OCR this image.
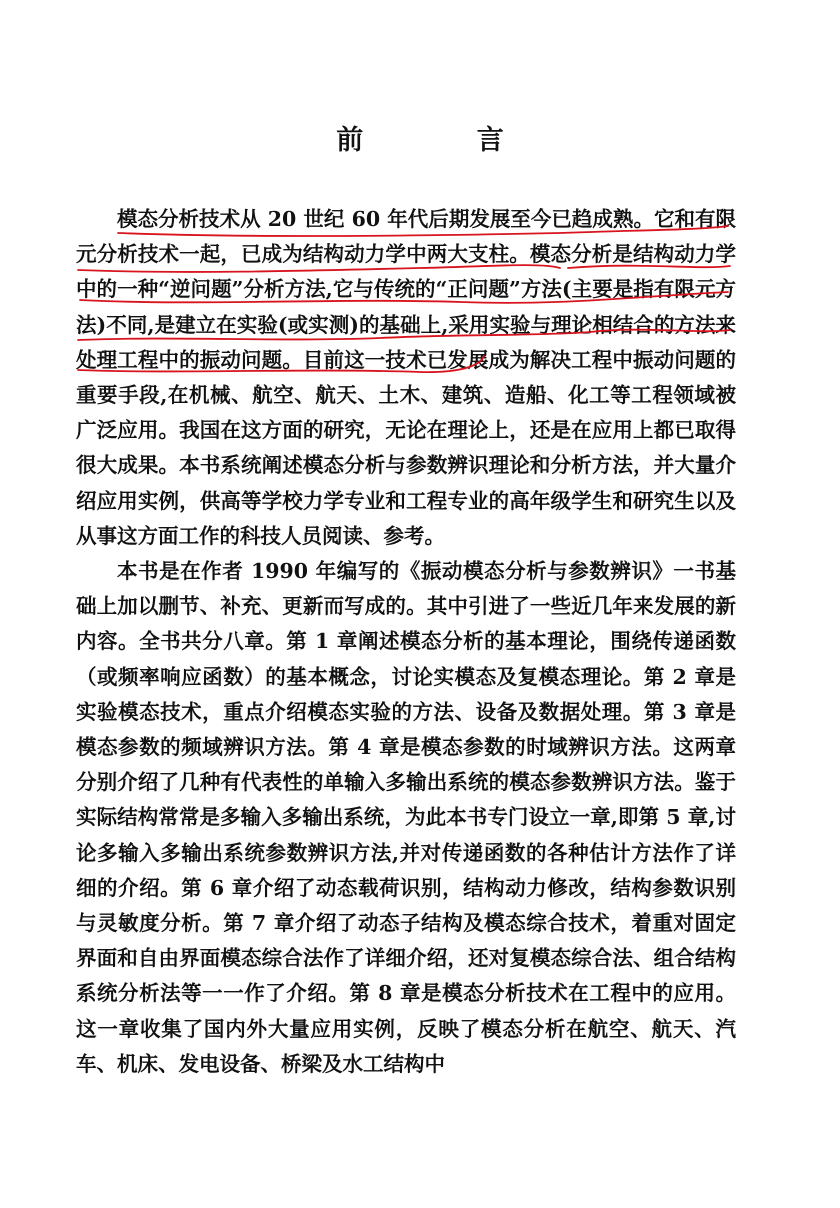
前 言

模态分析技术从 20 世纪 60 年代后期发展至今已趋成熟。它和有限元分析技术一起，已成为结构动力学中两大支柱。模态分析是结构动力学中的一种“逆问题”分析方法,它与传统的“正问题”方法(主要是指有限元方法)不同,是建立在实验(或实测)的基础上,采用实验与理论相结合的方法来处理工程中的振动问题。目前这一技术已发展成为解决工程中振动问题的重要手段,在机械、航空、航天、土木、建筑、造船、化工等工程领域被广泛应用。我国在这方面的研究，无论在理论上，还是在应用上都已取得很大成果。本书系统阐述模态分析与参数辨识理论和分析方法，并大量介绍应用实例，供高等学校力学专业和工程专业的高年级学生和研究生以及从事这方面工作的科技人员阅读、参考。

本书是在作者 1990 年编写的《振动模态分析与参数辨识》一书基础上加以删节、补充、更新而写成的。其中引进了一些近几年来发展的新内容。全书共分八章。第 1 章阐述模态分析的基本理论，围绕传递函数（或频率响应函数）的基本概念，讨论实模态及复模态理论。第 2 章是实验模态技术，重点介绍模态实验的方法、设备及数据处理。第 3 章是模态参数的频域辨识方法。第 4 章是模态参数的时域辨识方法。这两章分别介绍了几种有代表性的单输入多输出系统的模态参数辨识方法。鉴于实际结构常常是多输入多输出系统，为此本书专门设立一章,即第 5 章,讨论多输入多输出系统参数辨识方法,并对传递函数的各种估计方法作了详细的介绍。第 6 章介绍了动态载荷识别，结构动力修改，结构参数识别与灵敏度分析。第 7 章介绍了动态子结构及模态综合技术，着重对固定界面和自由界面模态综合法作了详细介绍，还对复模态综合法、组合结构系统分析法等一一作了介绍。第 8 章是模态分析技术在工程中的应用。这一章收集了国内外大量应用实例，反映了模态分析在航空、航天、汽车、机床、发电设备、桥梁及水工结构中
